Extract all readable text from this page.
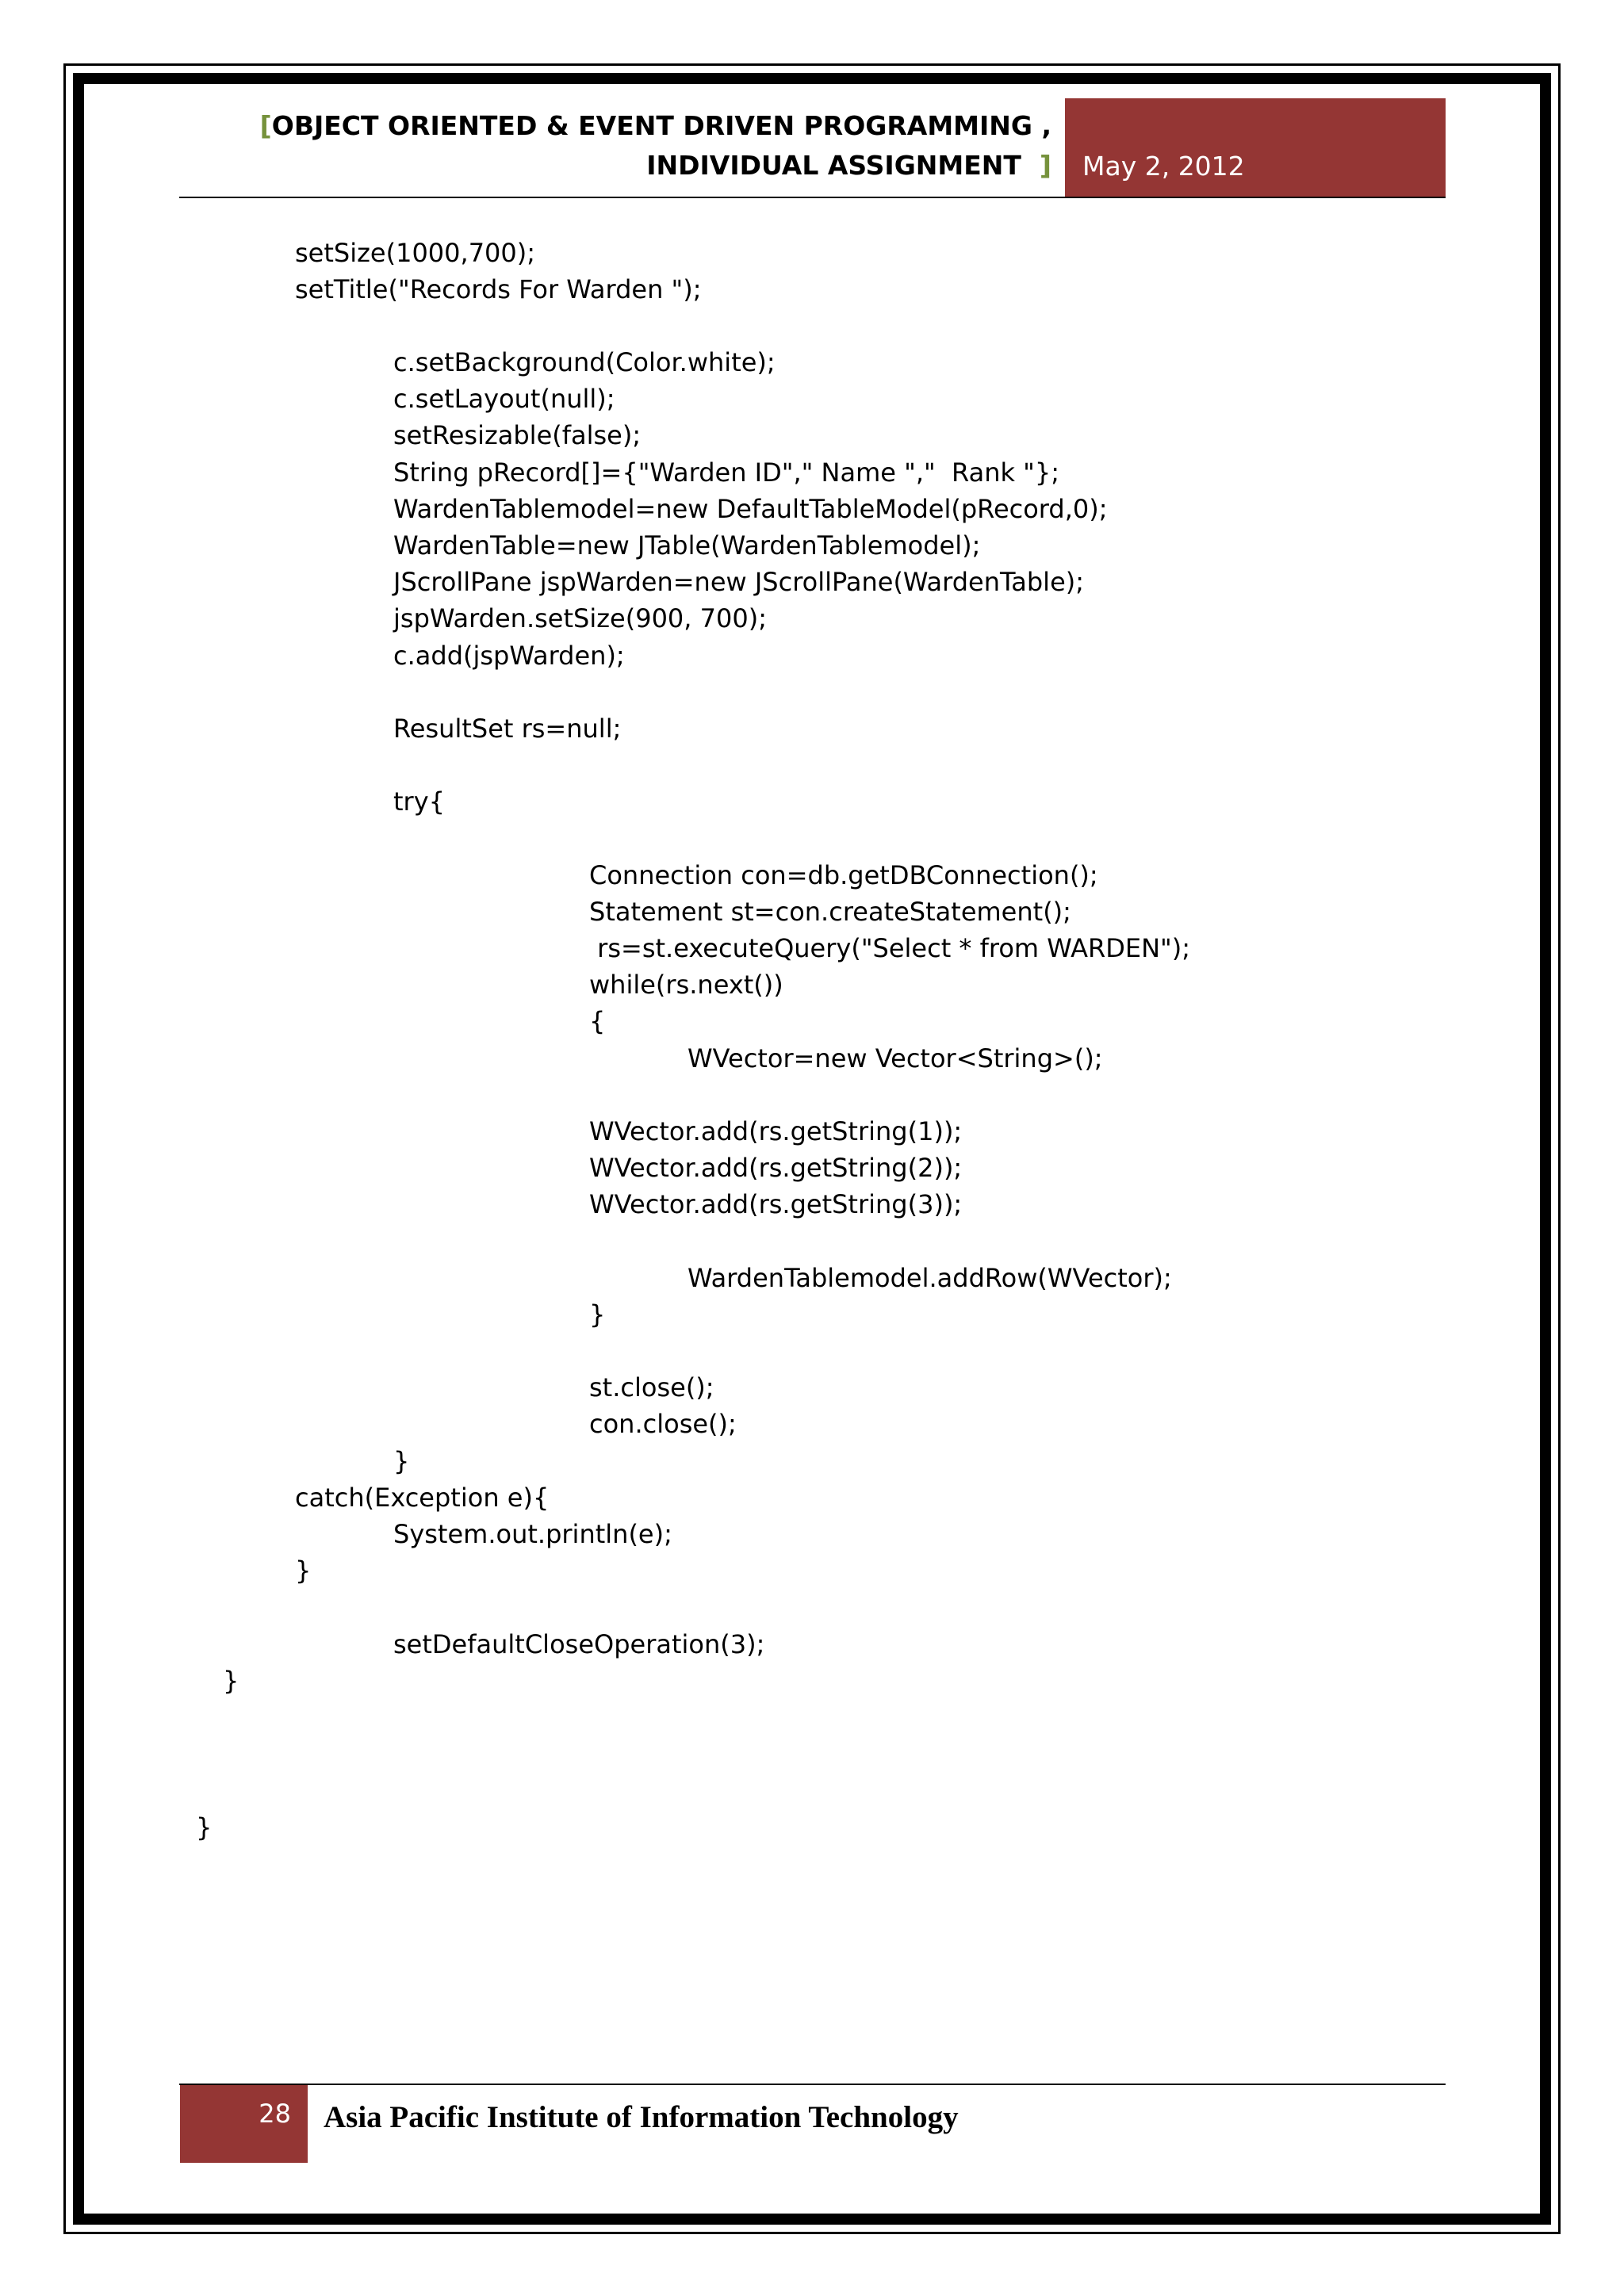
[OBJECT ORIENTED & EVENT DRIVEN PROGRAMMING ,
INDIVIDUAL ASSIGNMENT ] May 2, 2012
setSize(1000,700);
setTitle("Records For Warden ");
c.setBackground(Color.white);
c.setLayout(null);
setResizable(false);
String pRecord[]={"Warden ID"," Name ","  Rank "};
WardenTablemodel=new DefaultTableModel(pRecord,0);
WardenTable=new JTable(WardenTablemodel);
JScrollPane jspWarden=new JScrollPane(WardenTable);
jspWarden.setSize(900, 700);
c.add(jspWarden);
ResultSet rs=null;
try{
Connection con=db.getDBConnection();
Statement st=con.createStatement();
rs=st.executeQuery("Select * from WARDEN");
while(rs.next())
{
WVector=new Vector<String>();
WVector.add(rs.getString(1));
WVector.add(rs.getString(2));
WVector.add(rs.getString(3));
WardenTablemodel.addRow(WVector);
}
st.close();
con.close();
}
catch(Exception e){
System.out.println(e);
}
setDefaultCloseOperation(3);
}
}
28 Asia Pacific Institute of Information Technology
